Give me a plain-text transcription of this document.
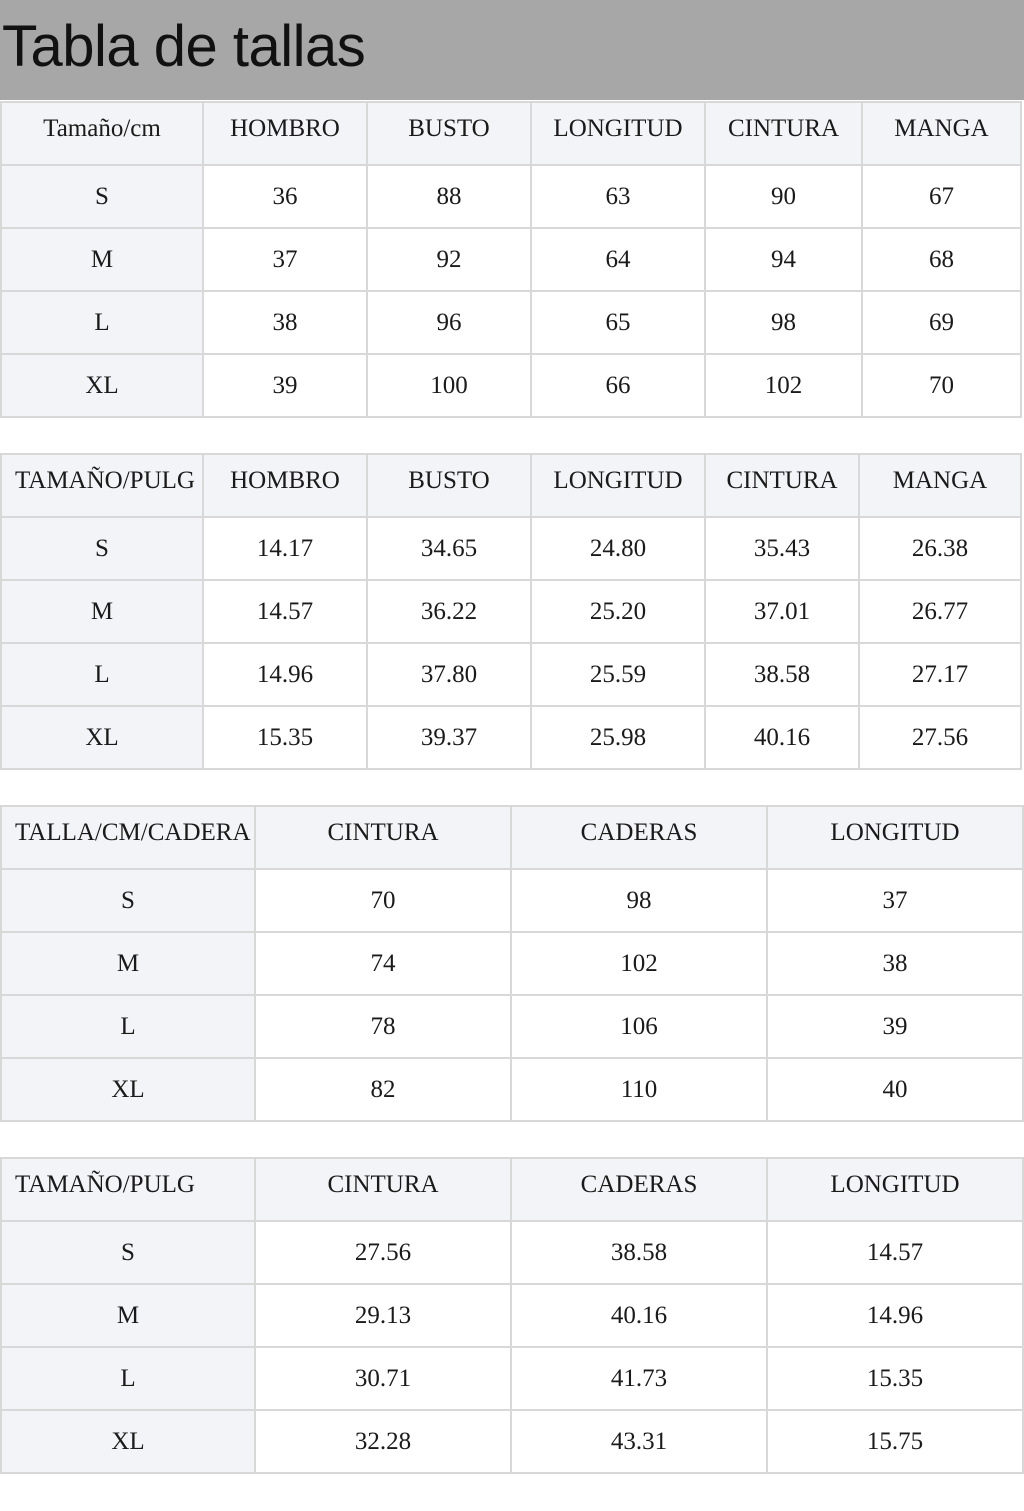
Tabla de tallas
Tamaño/cm	HOMBRO	BUSTO	LONGITUD	CINTURA	MANGA
S	36	88	63	90	67
M	37	92	64	94	68
L	38	96	65	98	69
XL	39	100	66	102	70
TAMAÑO/PULG	HOMBRO	BUSTO	LONGITUD	CINTURA	MANGA
S	14.17	34.65	24.80	35.43	26.38
M	14.57	36.22	25.20	37.01	26.77
L	14.96	37.80	25.59	38.58	27.17
XL	15.35	39.37	25.98	40.16	27.56
TALLA/CM/CADERA	CINTURA	CADERAS	LONGITUD
S	70	98	37
M	74	102	38
L	78	106	39
XL	82	110	40
TAMAÑO/PULG	CINTURA	CADERAS	LONGITUD
S	27.56	38.58	14.57
M	29.13	40.16	14.96
L	30.71	41.73	15.35
XL	32.28	43.31	15.75
